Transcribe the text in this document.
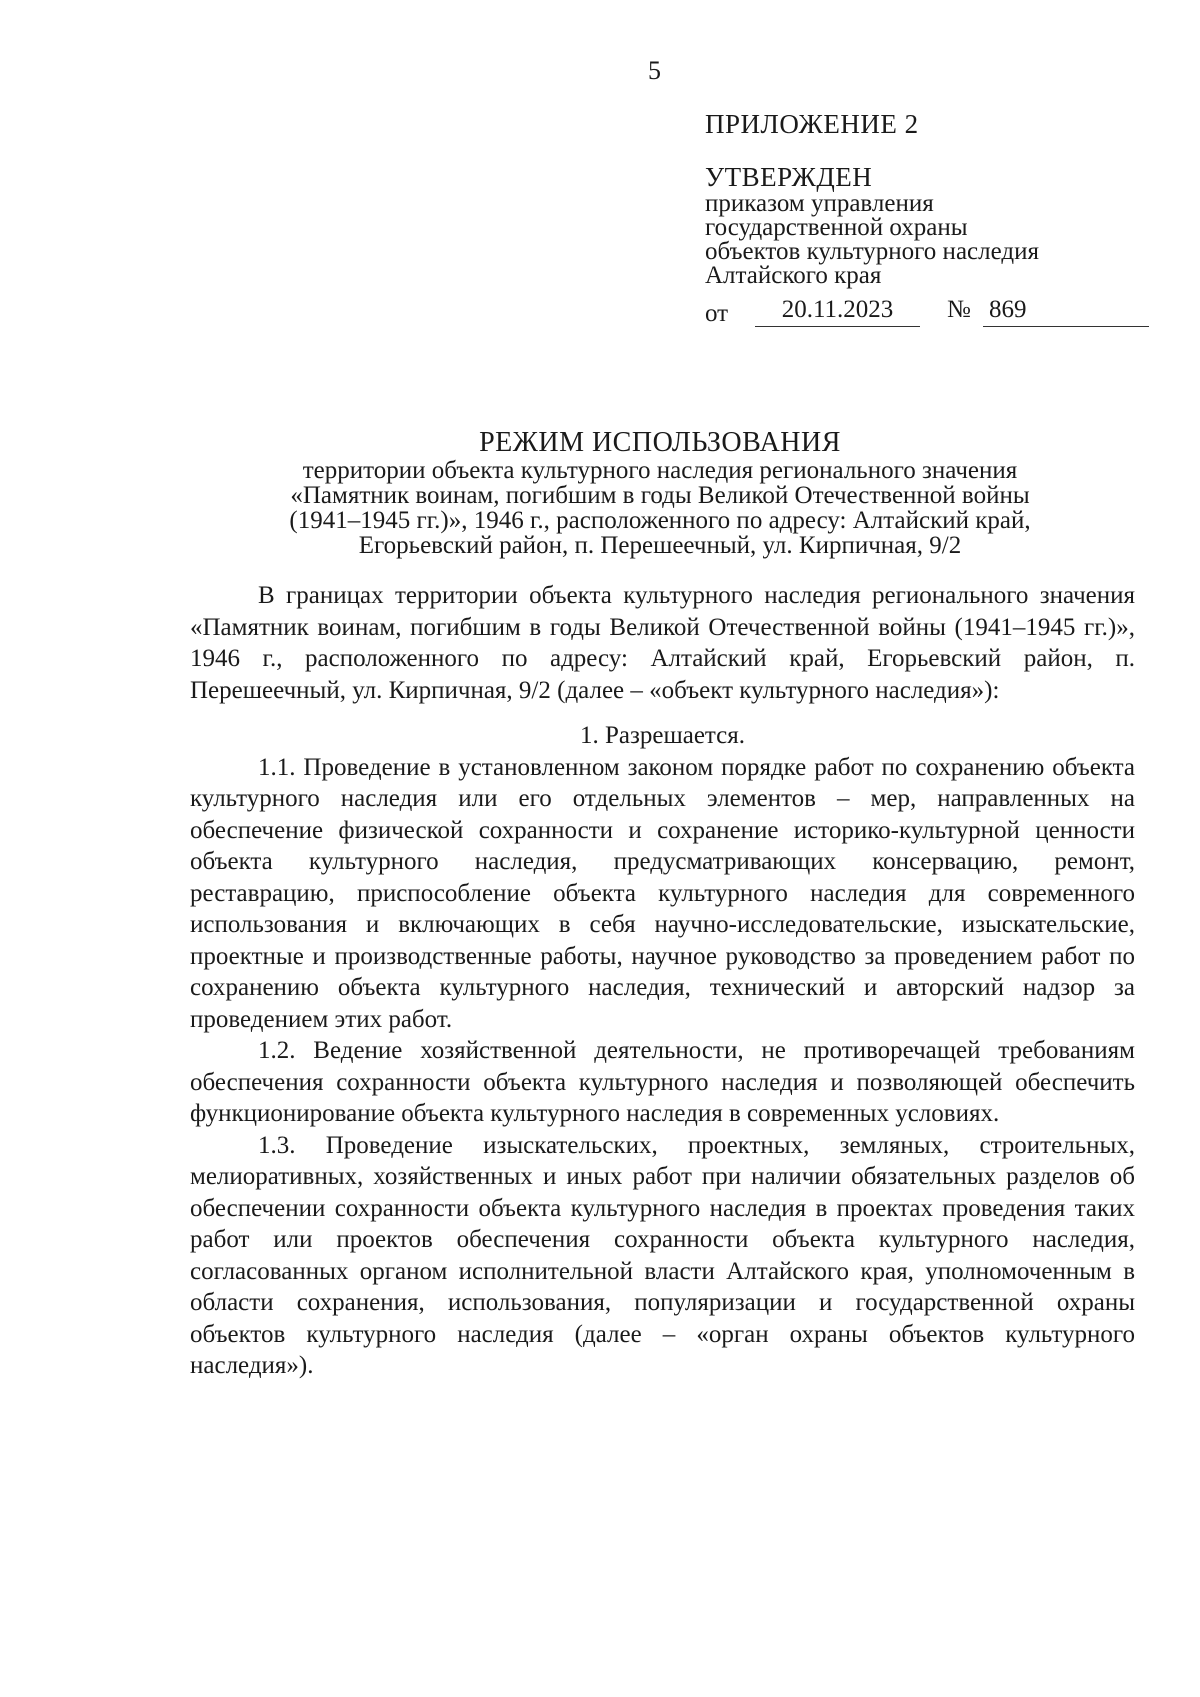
5
ПРИЛОЖЕНИЕ 2
УТВЕРЖДЕН
приказом управления
государственной охраны
объектов культурного наследия
Алтайского края
от	20.11.2023	№ 869
РЕЖИМ ИСПОЛЬЗОВАНИЯ
территории объекта культурного наследия регионального значения
«Памятник воинам, погибшим в годы Великой Отечественной войны
(1941–1945 гг.)», 1946 г., расположенного по адресу: Алтайский край,
Егорьевский район, п. Перешеечный, ул. Кирпичная, 9/2

В границах территории объекта культурного наследия регионального значения «Памятник воинам, погибшим в годы Великой Отечественной войны (1941–1945 гг.)», 1946 г., расположенного по адресу: Алтайский край, Егорьевский район, п. Перешеечный, ул. Кирпичная, 9/2 (далее – «объект культурного наследия»):

1. Разрешается.

1.1. Проведение в установленном законом порядке работ по сохранению объекта культурного наследия или его отдельных элементов – мер, направленных на обеспечение физической сохранности и сохранение историко-культурной ценности объекта культурного наследия, предусматривающих консервацию, ремонт, реставрацию, приспособление объекта культурного наследия для современного использования и включающих в себя научно-исследовательские, изыскательские, проектные и производственные работы, научное руководство за проведением работ по сохранению объекта культурного наследия, технический и авторский надзор за проведением этих работ.

1.2. Ведение хозяйственной деятельности, не противоречащей требованиям обеспечения сохранности объекта культурного наследия и позволяющей обеспечить функционирование объекта культурного наследия в современных условиях.

1.3. Проведение изыскательских, проектных, земляных, строительных, мелиоративных, хозяйственных и иных работ при наличии обязательных разделов об обеспечении сохранности объекта культурного наследия в проектах проведения таких работ или проектов обеспечения сохранности объекта культурного наследия, согласованных органом исполнительной власти Алтайского края, уполномоченным в области сохранения, использования, популяризации и государственной охраны объектов культурного наследия (далее – «орган охраны объектов культурного наследия»).
